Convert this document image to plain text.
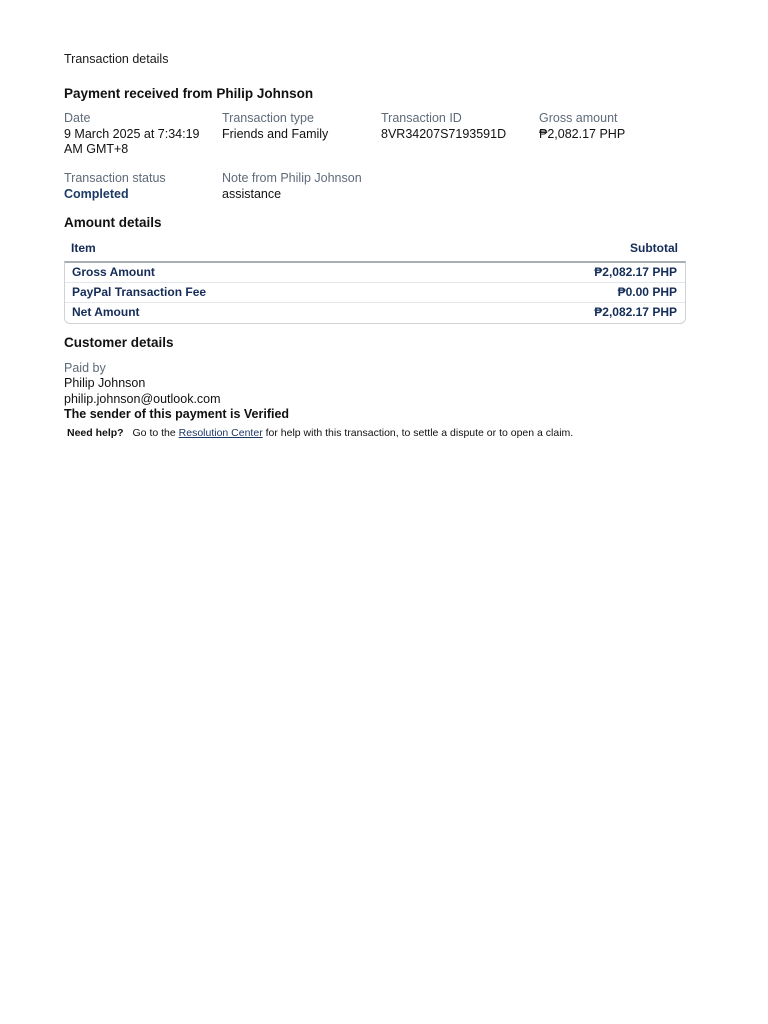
Transaction details
Payment received from Philip Johnson
Date
9 March 2025 at 7:34:19
AM GMT+8
Transaction type
Friends and Family
Transaction ID
8VR34207S7193591D
Gross amount
₱2,082.17 PHP
Transaction status
Completed
Note from Philip Johnson
assistance
Amount details
Item	Subtotal
Gross Amount	₱2,082.17 PHP
PayPal Transaction Fee	₱0.00 PHP
Net Amount	₱2,082.17 PHP
Customer details
Paid by
Philip Johnson
philip.johnson@outlook.com
The sender of this payment is Verified
Need help? Go to the Resolution Center for help with this transaction, to settle a dispute or to open a claim.
